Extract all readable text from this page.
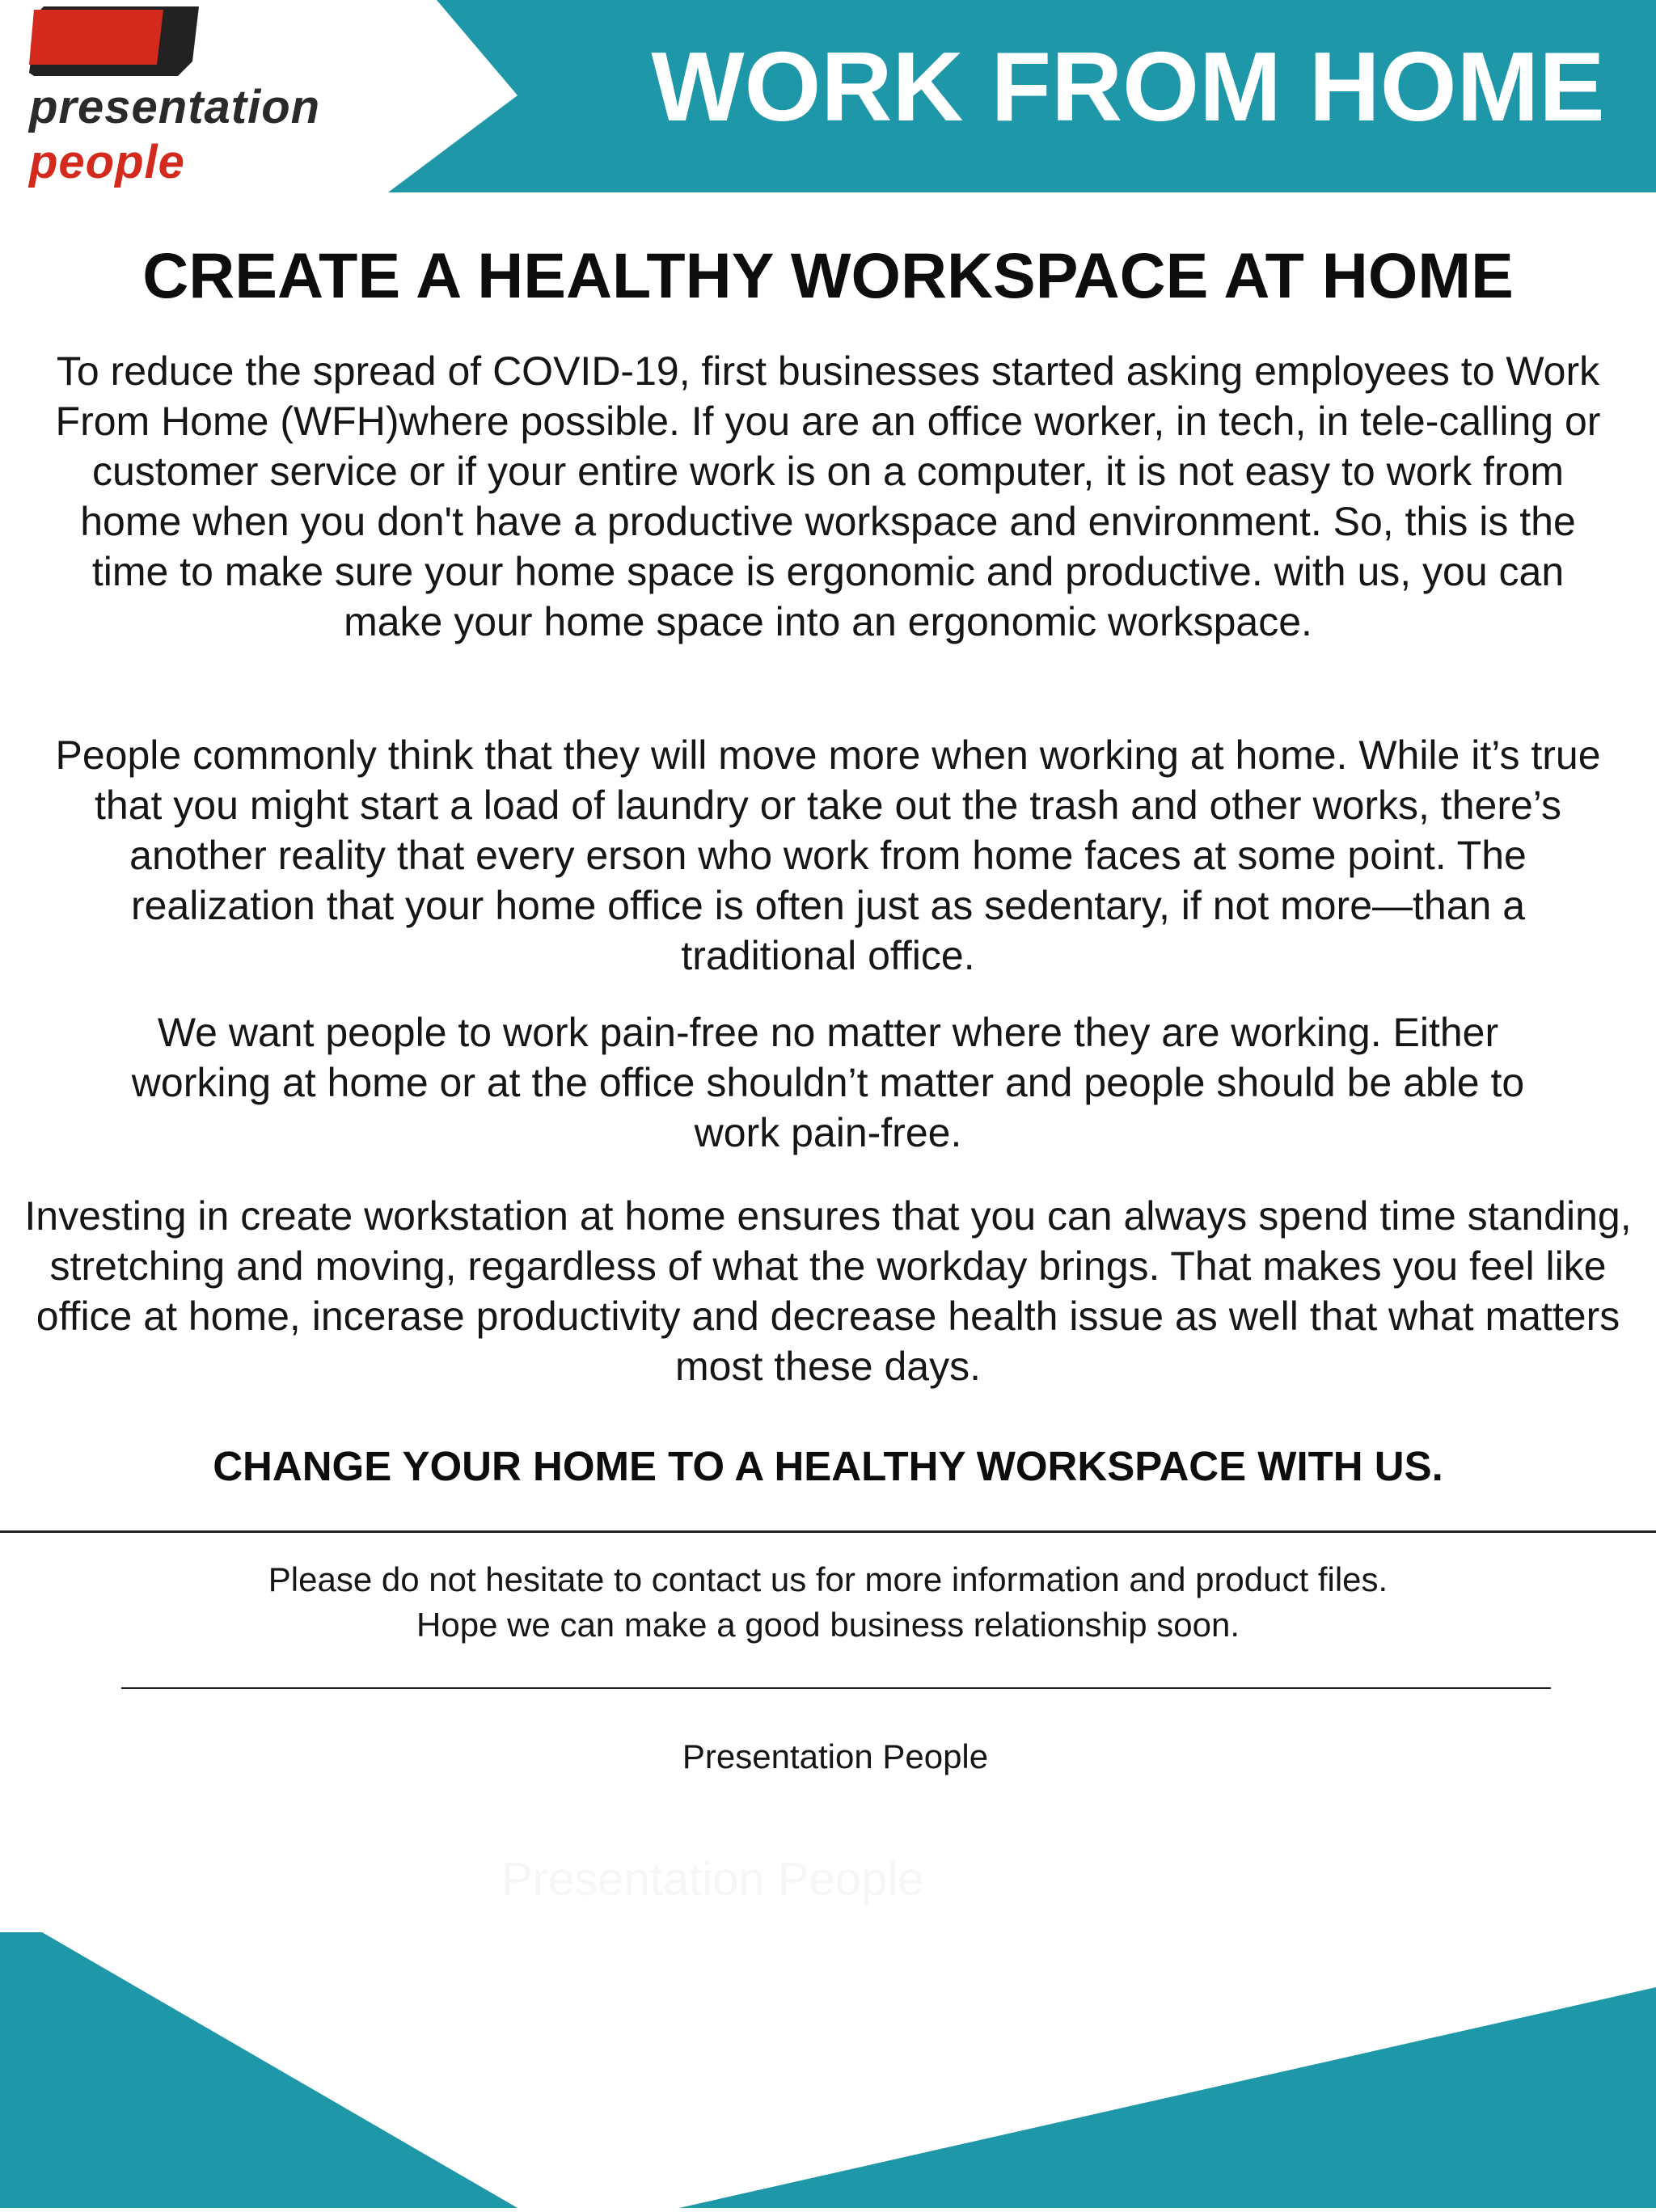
presentation
people
WORK FROM HOME
CREATE A HEALTHY WORKSPACE AT HOME

To reduce the spread of COVID-19, first businesses started asking employees to Work From Home (WFH)where possible. If you are an office worker, in tech, in tele-calling or customer service or if your entire work is on a computer, it is not easy to work from home when you don't have a productive workspace and environment. So, this is the time to make sure your home space is ergonomic and productive. with us, you can make your home space into an ergonomic workspace.

People commonly think that they will move more when working at home. While it’s true that you might start a load of laundry or take out the trash and other works, there’s another reality that every erson who work from home faces at some point. The realization that your home office is often just as sedentary, if not more—than a traditional office.

We want people to work pain-free no matter where they are working. Either working at home or at the office shouldn’t matter and people should be able to work pain-free.

Investing in create workstation at home ensures that you can always spend time standing, stretching and moving, regardless of what the workday brings. That makes you feel like office at home, incerase productivity and decrease health issue as well that what matters most these days.

CHANGE YOUR HOME TO A HEALTHY WORKSPACE WITH US.
Please do not hesitate to contact us for more information and product files.
Hope we can make a good business relationship soon.
Presentation People
Presentation People
